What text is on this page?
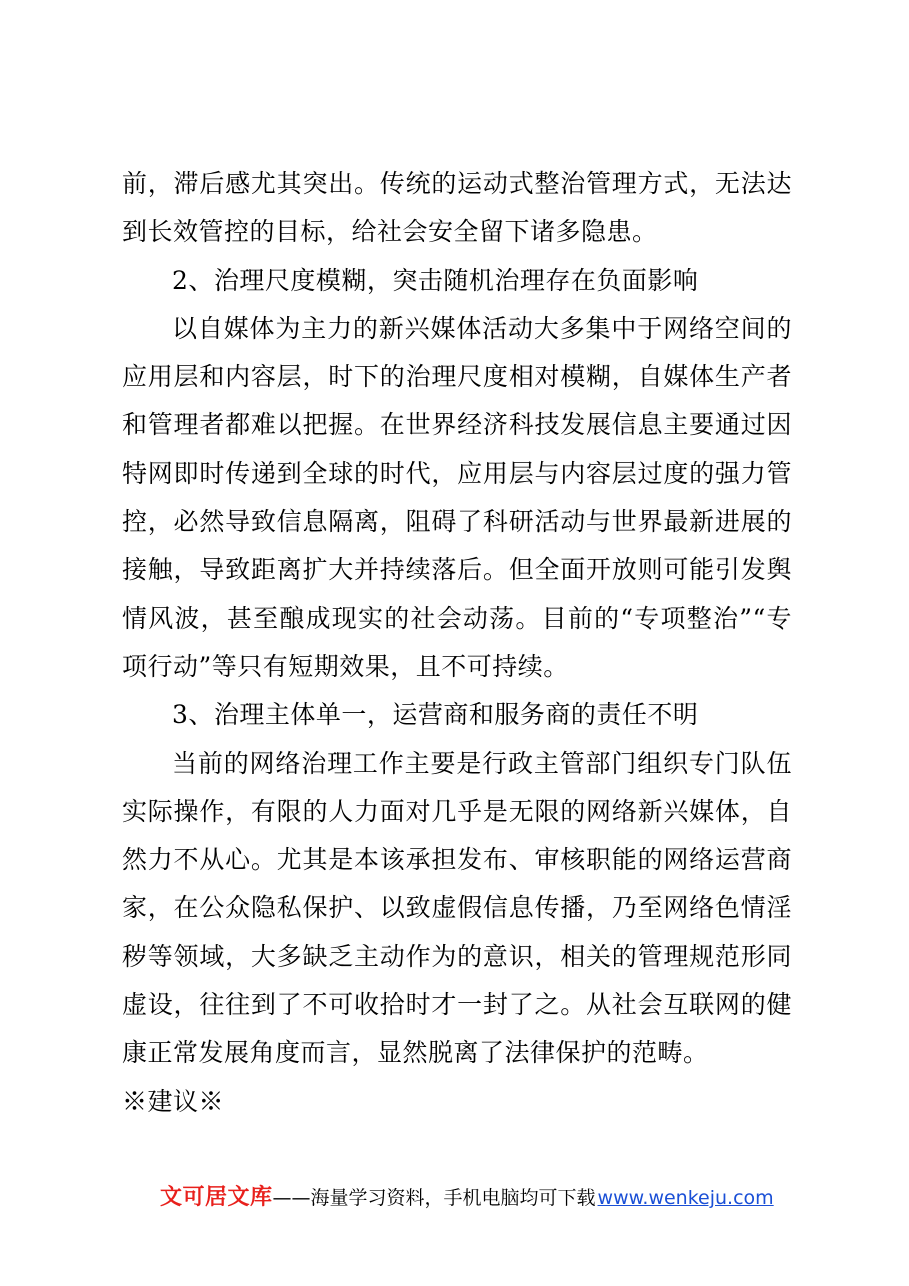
前，滞后感尤其突出。传统的运动式整治管理方式，无法达到长效管控的目标，给社会安全留下诸多隐患。

2、治理尺度模糊，突击随机治理存在负面影响

以自媒体为主力的新兴媒体活动大多集中于网络空间的应用层和内容层，时下的治理尺度相对模糊，自媒体生产者和管理者都难以把握。在世界经济科技发展信息主要通过因特网即时传递到全球的时代，应用层与内容层过度的强力管控，必然导致信息隔离，阻碍了科研活动与世界最新进展的接触，导致距离扩大并持续落后。但全面开放则可能引发舆情风波，甚至酿成现实的社会动荡。目前的“专项整治”“专项行动”等只有短期效果，且不可持续。

3、治理主体单一，运营商和服务商的责任不明

当前的网络治理工作主要是行政主管部门组织专门队伍实际操作，有限的人力面对几乎是无限的网络新兴媒体，自然力不从心。尤其是本该承担发布、审核职能的网络运营商家，在公众隐私保护、以致虚假信息传播，乃至网络色情淫秽等领域，大多缺乏主动作为的意识，相关的管理规范形同虚设，往往到了不可收拾时才一封了之。从社会互联网的健康正常发展角度而言，显然脱离了法律保护的范畴。

※建议※

文可居文库 —— 海量学习资料，手机电脑均可下载 www.wenkeju.com
